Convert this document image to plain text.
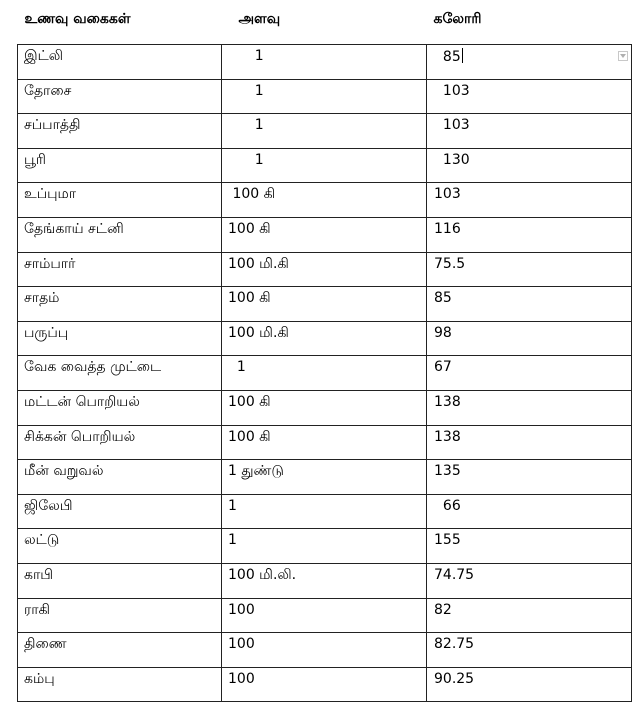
உணவு வகைகள்	அளவு	கலோரி

இட்லி	1	85

தோசை	1	103

சப்பாத்தி	1	103

பூரி	1	130

உப்புமா	100 கி	103

தேங்காய் சட்னி	100 கி	116

சாம்பார்	100 மி.கி	75.5

சாதம்	100 கி	85

பருப்பு	100 மி.கி	98

வேக வைத்த முட்டை	1	67

மட்டன் பொறியல்	100 கி	138

சிக்கன் பொறியல்	100 கி	138

மீன் வறுவல்	1 துண்டு	135

ஜிலேபி	1	66

லட்டு	1	155

காபி	100 மி.லி.	74.75

ராகி	100	82

திணை	100	82.75

கம்பு	100	90.25
